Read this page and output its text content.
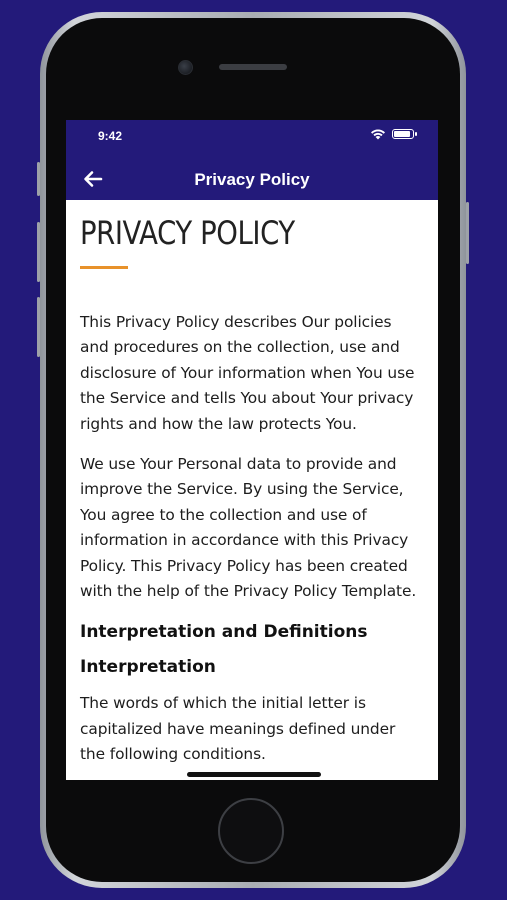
9:42
Privacy Policy
PRIVACY POLICY

This Privacy Policy describes Our policies and procedures on the collection, use and disclosure of Your information when You use the Service and tells You about Your privacy rights and how the law protects You.

We use Your Personal data to provide and improve the Service. By using the Service, You agree to the collection and use of information in accordance with this Privacy Policy. This Privacy Policy has been created with the help of the Privacy Policy Template.

Interpretation and Definitions
Interpretation

The words of which the initial letter is capitalized have meanings defined under the following conditions.
